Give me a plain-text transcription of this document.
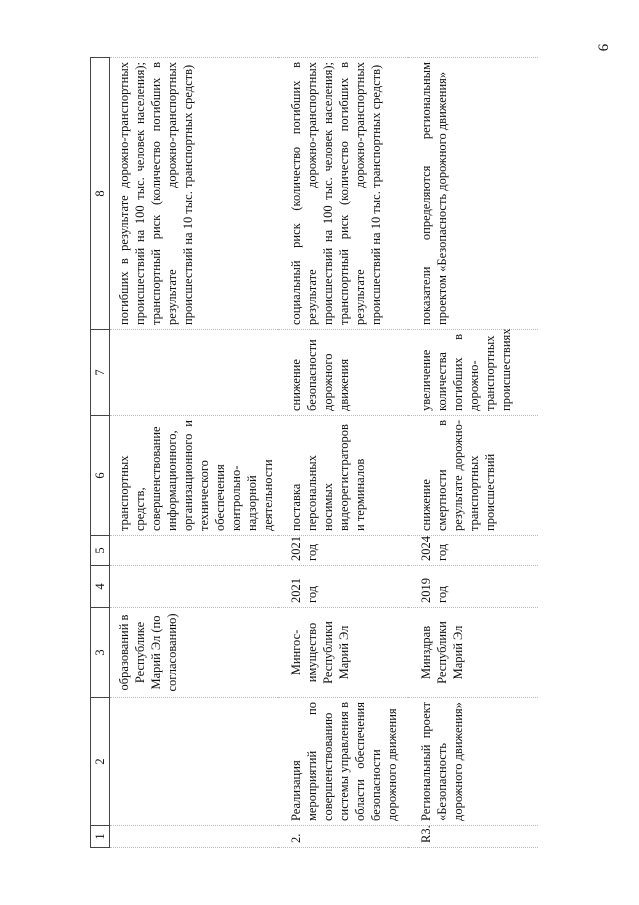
9
1	2	3	4	5	6	7	8
		образований в Республике Марий Эл (по согласованию)			транспортных средств, совершенствование информационного, организационного и технического обеспечения контрольно-надзорной деятельности		погибших в результате дорожно-транспортных происшествий на 100 тыс. человек населения); транспортный риск (количество погибших в результате дорожно-транспортных происшествий на 10 тыс. транспортных средств)
2.	Реализация мероприятий по совершенствованию системы управления в области обеспечения безопасности дорожного движения	Мингос-имущество Республики Марий Эл	2021 год	2021 год	поставка персональных носимых видеорегистраторов и терминалов	снижение безопасности дорожного движения	социальный риск (количество погибших в результате дорожно-транспортных происшествий на 100 тыс. человек населения); транспортный риск (количество погибших в результате дорожно-транспортных происшествий на 10 тыс. транспортных средств)
R3.	Региональный проект «Безопасность дорожного движения»	Минздрав Республики Марий Эл	2019 год	2024 год	снижение смертности в результате дорожно-транспортных происшествий	увеличение количества погибших в дорожно-транспортных происшествиях	показатели определяются региональным проектом «Безопасность дорожного движения»
